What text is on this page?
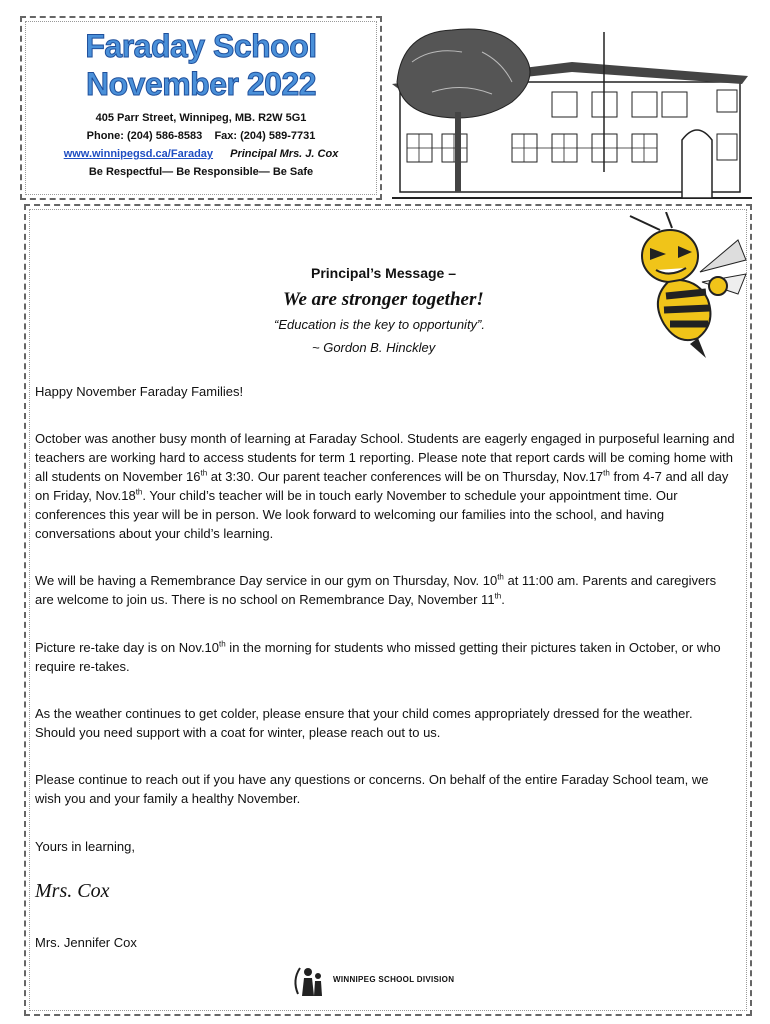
Faraday School
November 2022
405 Parr Street, Winnipeg, MB. R2W 5G1
Phone: (204) 586-8583 Fax: (204) 589-7731
www.winnipegsd.ca/Faraday Principal Mrs. J. Cox
Be Respectful— Be Responsible— Be Safe
Principal’s Message –
We are stronger together!
“Education is the key to opportunity”.
~ Gordon B. Hinckley
Happy November Faraday Families!
October was another busy month of learning at Faraday School. Students are eagerly engaged in purposeful learning and teachers are working hard to access students for term 1 reporting. Please note that report cards will be coming home with all students on November 16th at 3:30. Our parent teacher conferences will be on Thursday, Nov.17th from 4-7 and all day on Friday, Nov.18th. Your child’s teacher will be in touch early November to schedule your appointment time. Our conferences this year will be in person. We look forward to welcoming our families into the school, and having conversations about your child’s learning.
We will be having a Remembrance Day service in our gym on Thursday, Nov. 10th at 11:00 am. Parents and caregivers are welcome to join us. There is no school on Remembrance Day, November 11th.
Picture re-take day is on Nov.10th in the morning for students who missed getting their pictures taken in October, or who require re-takes.
As the weather continues to get colder, please ensure that your child comes appropriately dressed for the weather. Should you need support with a coat for winter, please reach out to us.
Please continue to reach out if you have any questions or concerns. On behalf of the entire Faraday School team, we wish you and your family a healthy November.
Yours in learning,
Mrs. Cox
Mrs. Jennifer Cox
WINNIPEG SCHOOL DIVISION
